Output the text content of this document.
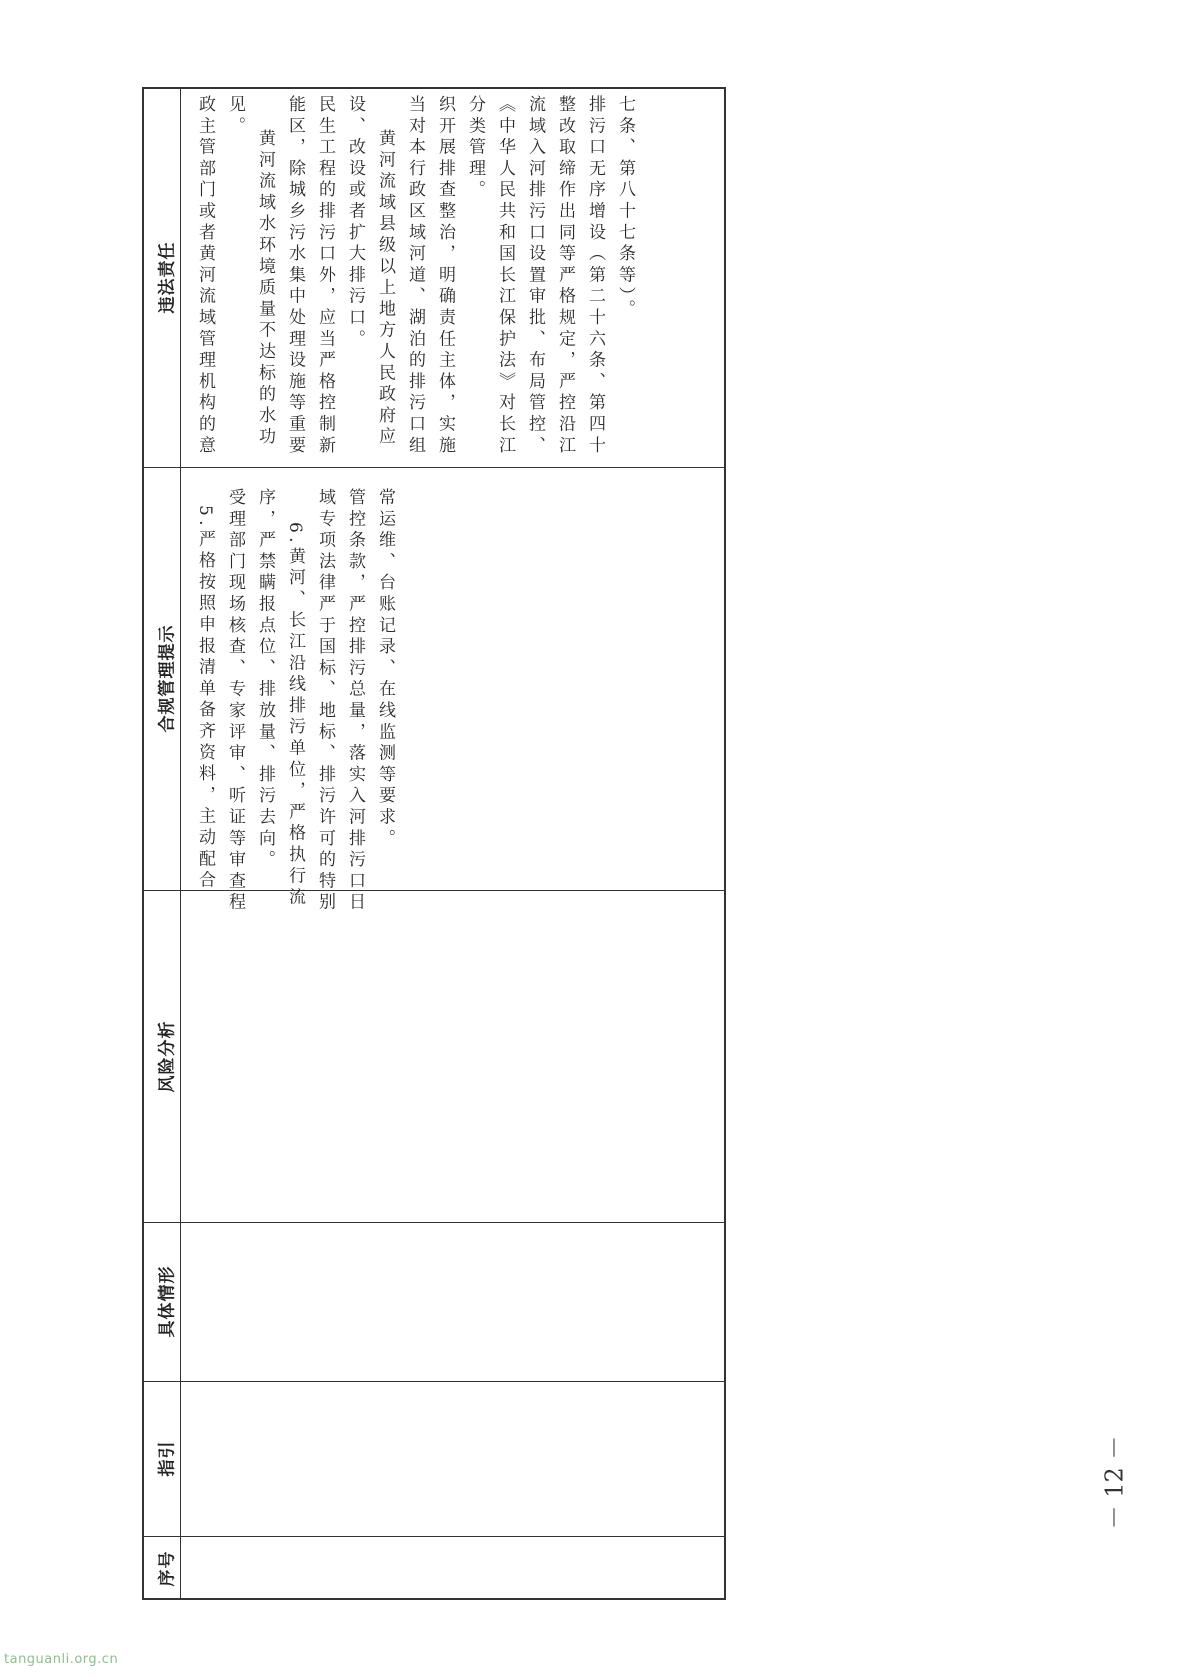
序号
指引
具体情形
风险分析
合规管理提示
违法责任
5.严格按照申报清单备齐资料，主动配合 受理部门现场核查、专家评审、听证等审查程 序，严禁瞒报点位、排放量、排污去向。 6.黄河、长江沿线排污单位，严格执行流 域专项法律严于国标、地标、排污许可的特别 管控条款，严控排污总量，落实入河排污口日 常运维、台账记录、在线监测等要求。
政主管部门或者黄河流域管理机构的意 见。
黄河流域水环境质量不达标的水功 能区，除城乡污水集中处理设施等重要 民生工程的排污口外，应当严格控制新 设、改设或者扩大排污口。 黄河流域县级以上地方人民政府应 当对本行政区域河道、湖泊的排污口组 织开展排查整治，明确责任主体，实施 分类管理。 《中华人民共和国长江保护法》对长江 流域入河排污口设置审批、布局管控、 整改取缔作出同等严格规定，严控沿江 排污口无序增设（第二十六条、第四十 七条、第八十七条等）。
－ 12 －
tanguanli.org.cn
